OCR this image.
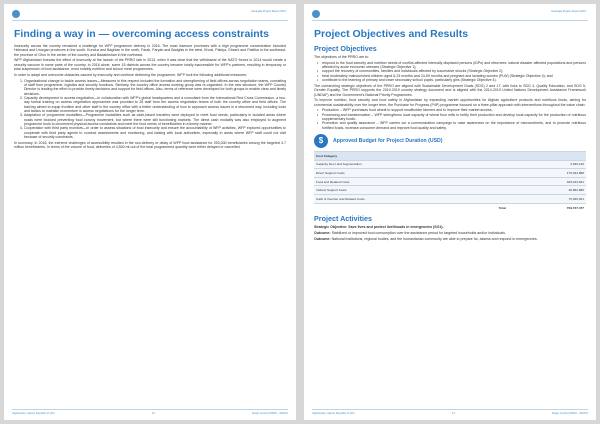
Hazarajat Project Report 2019
Finding a way in — overcoming access constraints

Insecurity across the country remained a challenge for WFP programme delivery in 2016. The most insecure provinces with a high programme concentration included Helmand and Uruzgan provinces in the south, Kunduz and Baghlan in the north, Farah, Faryab and Badghis in the west, Khost, Paktya, Ghazni and Paktika in the southeast, the province of Ghor in the center of the country and Badakhshan in the northeast.

WFP Afghanistan foresaw the effect of insecurity at the launch of the PRRO late in 2013, when it was clear that the withdrawal of the NATO forces in 2014 would create a security vacuum in some parts of the country. In 2016 alone, some 15 districts across the country became totally inaccessible for WFP's partners, resulting in temporary or total suspension of food assistance, most notably nutrition and school meal programmes.

In order to adapt and overcome obstacles caused by insecurity and continue delivering the programme, WFP took the following additional measures:

1. Organizational change to tackle access issues—Measures in this respect included the formation and strengthening of field offices across negotiation teams, consisting of staff from programme, logistics and security functions. Similarly, the country office access working group was re-organized. In the new structure, the WFP Country Director is leading the effort to provide timely decisions and support for field offices. Also, terms of reference were developed for both groups to enable clear and timely decisions.
2. Capacity development in access negotiation—In collaboration with WFP's global headquarters and a consultant from the International Red Cross Commission, a two-day formal training on access negotiation approaches was provided to 25 staff from the access negotiation teams of both the country office and field offices. The training aimed to equip frontline and other staff in the country office with a better understanding of how to approach access issues in a structured way, including tools and tactics to maintain momentum in access negotiations for the longer term.
3. Adaptation of programme modalities—Programme modalities such as cash-based transfers were deployed to meet food needs, particularly in isolated areas where roads were blocked preventing food convoy movement, but where there were still functioning markets. The direct cash modality was also employed to augment programme tools to circumvent physical access constraints and meet the food needs of beneficiaries in a timely manner.
4. Cooperation with third party monitors—In order to assess situations of food insecurity and ensure the accountability of WFP activities, WFP explored opportunities to cooperate with third party agents to conduct assessments and monitoring, and liaising with local authorities, especially in areas where WFP staff could not visit because of security constraints.

In summary, in 2016, the extreme challenges of accessibility resulted in the non-delivery or delay of WFP food assistance for 253,000 beneficiaries among the targeted 3.7 million beneficiaries. In terms of the volume of food, deliveries of 4,500 mt out of the total programmed quantity were either delayed or cancelled.

Afghanistan, Islamic Republic of (AF)	13	Single Country PRRO - 200447
Hazarajat Project Report 2019
Project Objectives and Results
Project Objectives

The objectives of the PRRO are to:

• respond to the food security and nutrition needs of conflict-affected internally displaced persons (IDPs) and returnees, natural disaster affected populations and persons affected by acute economic stresses (Strategic Objective 1);
• support the recovery of communities, families and individuals affected by successive shocks (Strategic Objective 2);
• treat moderately malnourished children aged 6-23 months and 24-59 months and pregnant and lactating women (PLW) (Strategic Objective 4); and
• contribute to the learning of primary and lower secondary school pupils, particularly girls (Strategic Objective 4).

The overarching strategic objectives of the PRRO are aligned with Sustainable Development Goals (SDG) 2 and 17, with links to SDG 4, Quality Education, and SDG 5, Gender Equality. The PRRO supports the 2019-2019 country strategy document and is aligned with the 2014-2019 United Nations Development Assistance Framework (UNDAF) and the Government's National Priority Programmes.

To improve nutrition, food security and food safety in Afghanistan by expanding market opportunities for Afghan agriculture products and nutritious foods, aiming for commercial sustainability over the longer term, the Purchase for Progress (P4P) programme focused on a three-pillar approach with interventions throughout the value chain:

• Production – WFP purchases food wheat to support smallholder farmers and to improve their market access;
• Processing and transformation – WFP strengthens local capacity of wheat flour mills to fortify their production and develop local capacity for the production of nutritious supplementary foods;
• Promotion and quality assurance – WFP carries out a communication campaign to raise awareness on the importance of micronutrients, and to promote nutritious fortified foods, increase consumer demand and improve food quality and safety.
$	Approved Budget for Project Duration (USD)
Cost Category	
Capacity Dev.t and Augmentation	3,849,130
Direct Support Costs	176,034,888
Food and Related Costs	405,043,621
Indirect Support Costs	48,862,886
Cash & Voucher and Related Costs	75,936,941
Total	709,727,477
Project Activities

Strategic Objective: Save lives and protect livelihoods in emergencies (SO1).

Outcome: Stabilized or improved food consumption over the assistance period for targeted households and/or individuals.

Outcome: National institutions, regional bodies, and the humanitarian community are able to prepare for, assess and respond to emergencies.

Afghanistan, Islamic Republic of (AF)	14	Single Country PRRO - 200447
